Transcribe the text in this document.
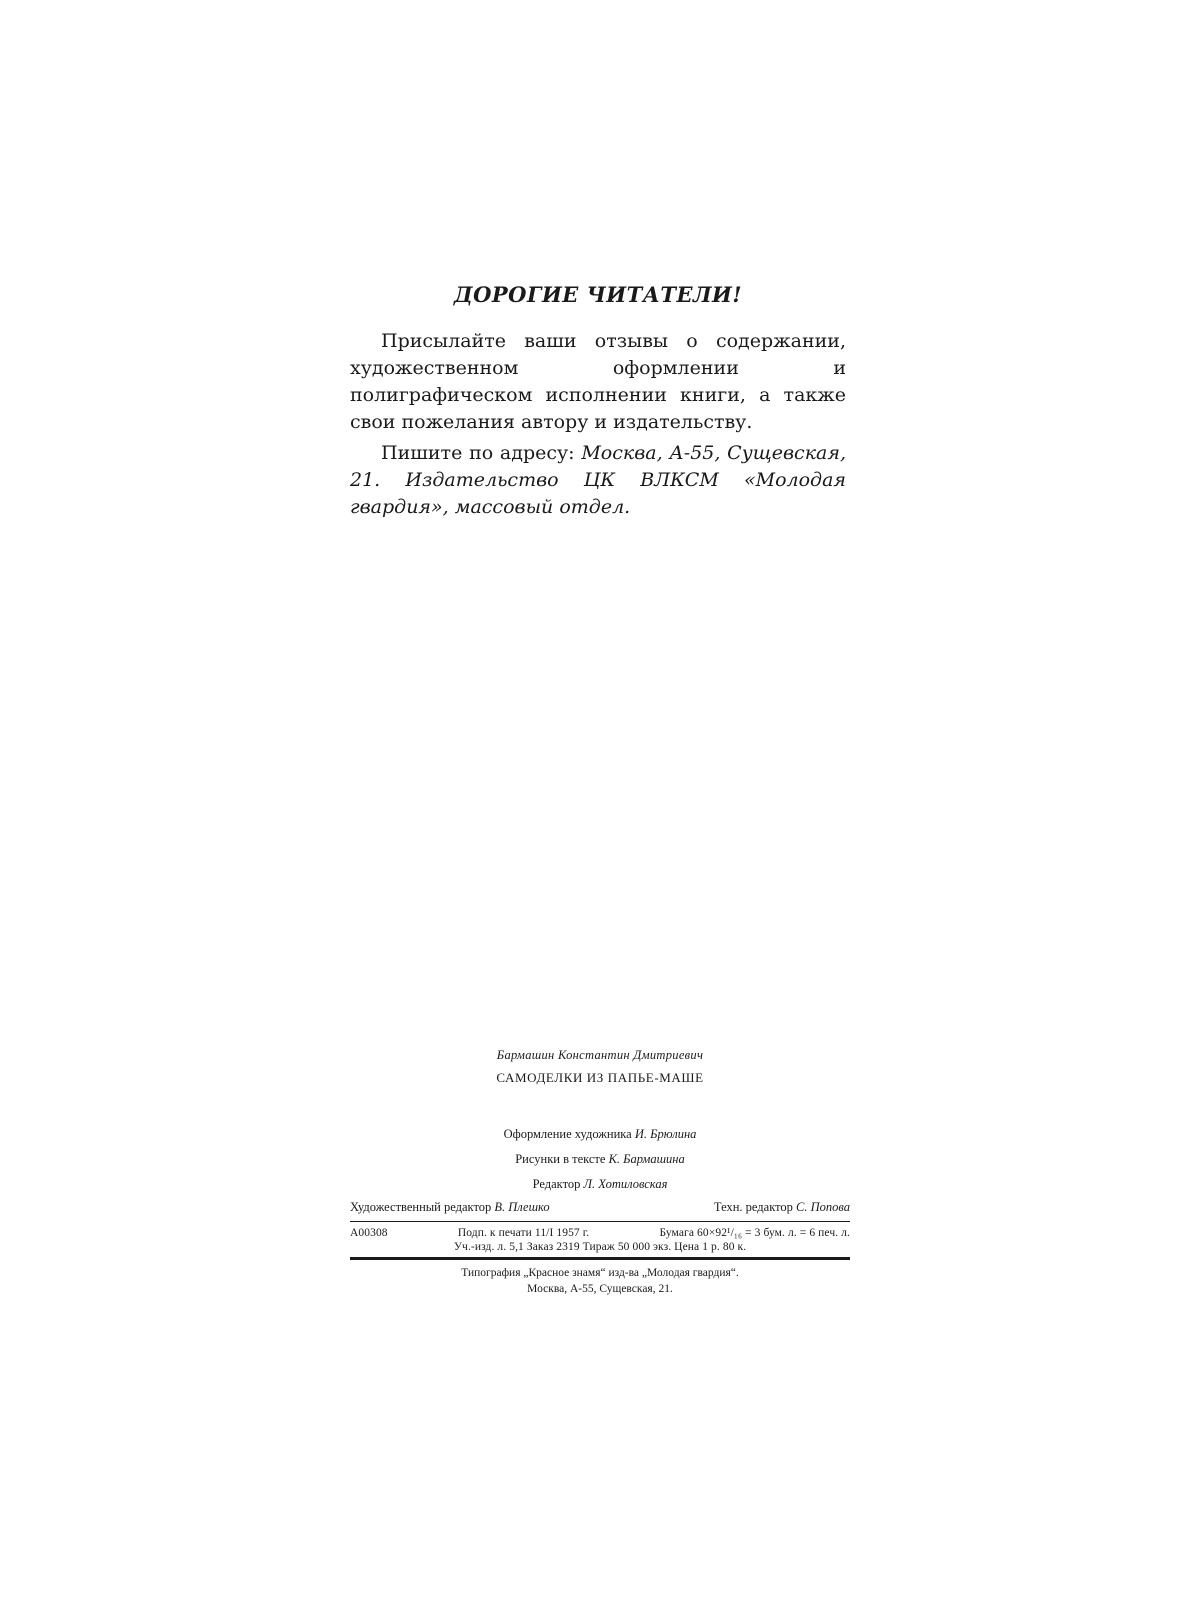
ДОРОГИЕ ЧИТАТЕЛИ!

Присылайте ваши отзывы о содержании, художественном оформлении и полиграфическом исполнении книги, а также свои пожелания автору и издательству.

Пишите по адресу: Москва, А-55, Сущевская, 21. Издательство ЦК ВЛКСМ «Молодая гвардия», массовый отдел.

Бармашин Константин Дмитриевич
САМОДЕЛКИ ИЗ ПАПЬЕ-МАШЕ
Оформление художника И. Брюлина
Рисунки в тексте К. Бармашина
Редактор Л. Хотиловская
Художественный редактор В. Плешко	Техн. редактор С. Попова
А00308	Подп. к печати 11/I 1957 г.	Бумага 60×92¹/₁₆ = 3 бум. л. = 6 печ. л.
Уч.-изд. л. 5,1 Заказ 2319 Тираж 50 000 экз. Цена 1 р. 80 к.
Типография „Красное знамя“ изд-ва „Молодая гвардия“.
Москва, А-55, Сущевская, 21.
